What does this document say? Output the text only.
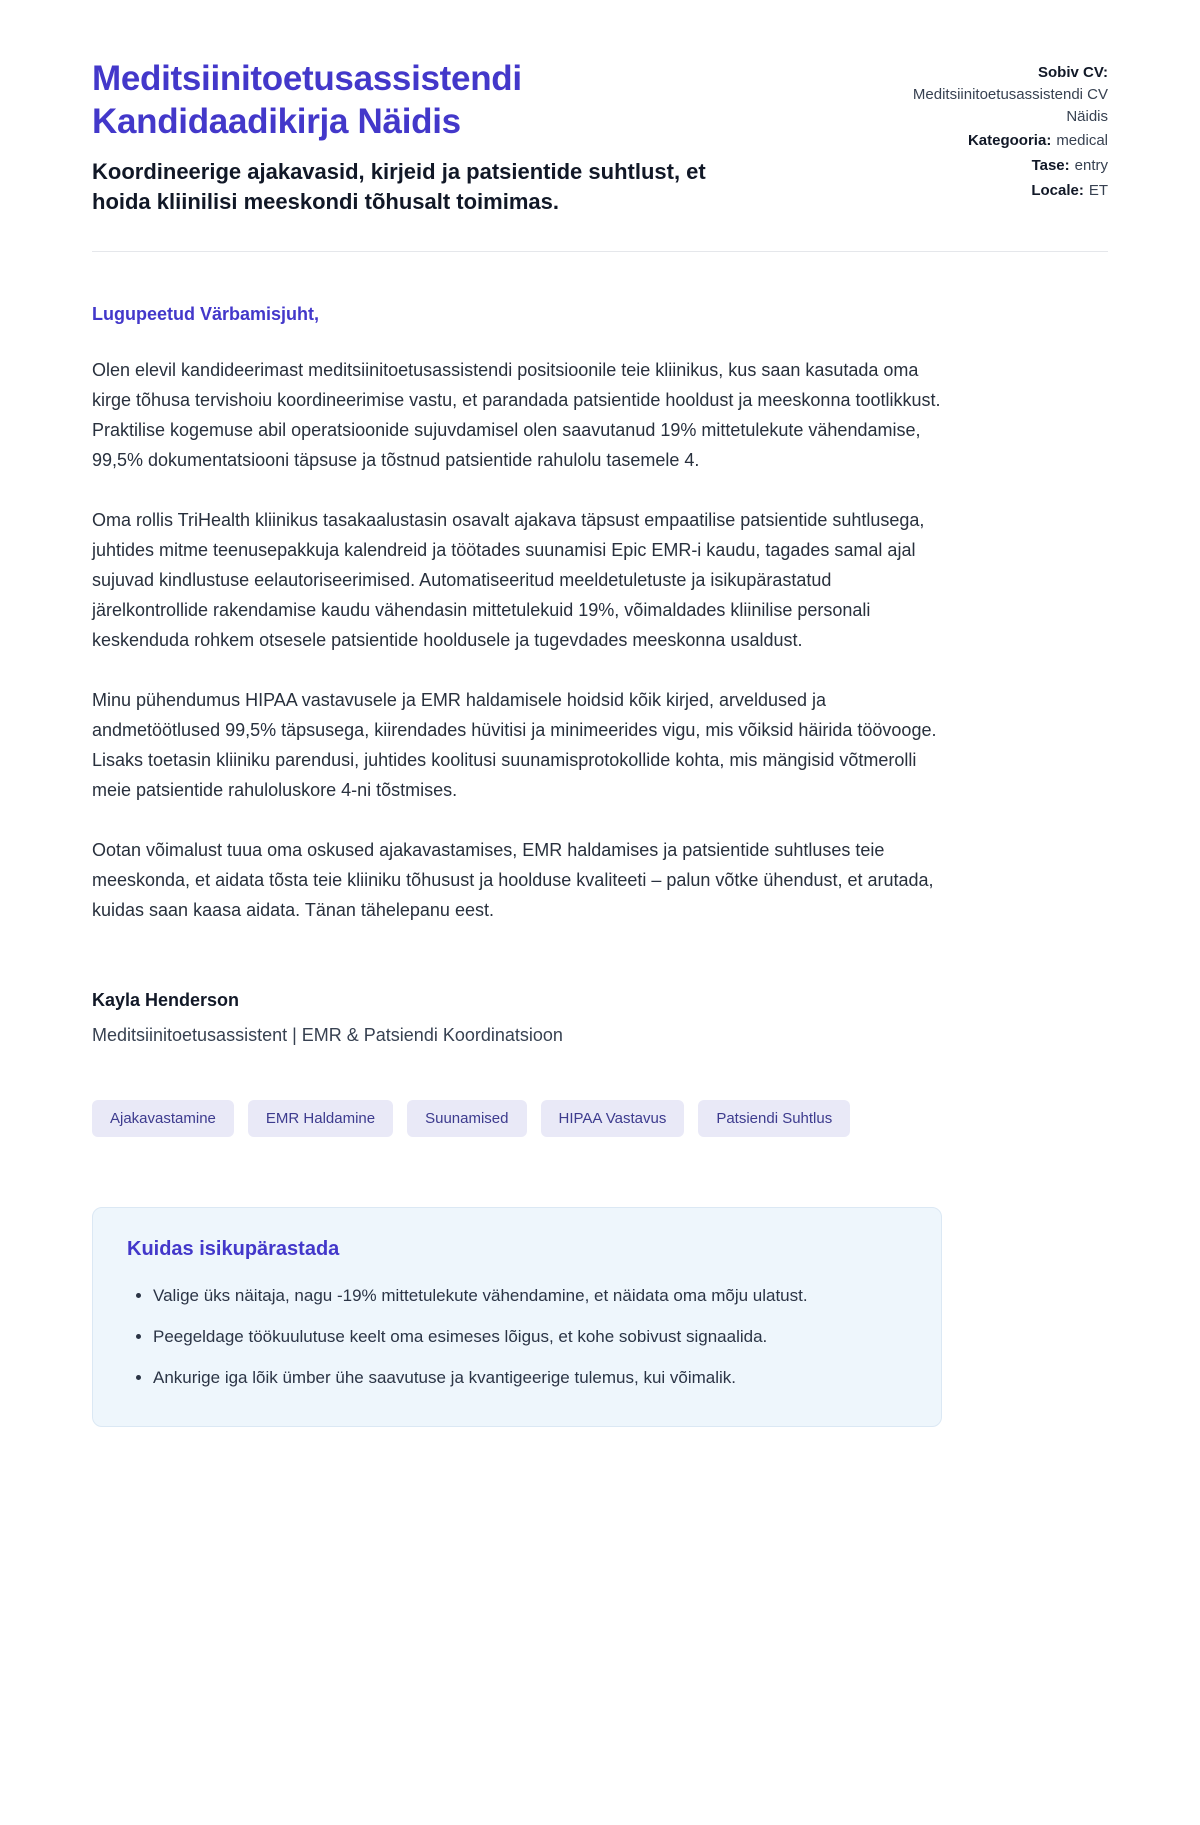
Meditsiinitoetusassistendi Kandidaadikirja Näidis
Koordineerige ajakavasid, kirjeid ja patsientide suhtlust, et hoida kliinilisi meeskondi tõhusalt toimimas.
Sobiv CV:
Meditsiinitoetusassistendi CV Näidis
Kategooria: medical
Tase: entry
Locale: ET
Lugupeetud Värbamisjuht,

Olen elevil kandideerimast meditsiinitoetusassistendi positsioonile teie kliinikus, kus saan kasutada oma kirge tõhusa tervishoiu koordineerimise vastu, et parandada patsientide hooldust ja meeskonna tootlikkust. Praktilise kogemuse abil operatsioonide sujuvdamisel olen saavutanud 19% mittetulekute vähendamise, 99,5% dokumentatsiooni täpsuse ja tõstnud patsientide rahulolu tasemele 4.

Oma rollis TriHealth kliinikus tasakaalustasin osavalt ajakava täpsust empaatilise patsientide suhtlusega, juhtides mitme teenusepakkuja kalendreid ja töötades suunamisi Epic EMR-i kaudu, tagades samal ajal sujuvad kindlustuse eelautoriseerimised. Automatiseeritud meeldetuletuste ja isikupärastatud järelkontrollide rakendamise kaudu vähendasin mittetulekuid 19%, võimaldades kliinilise personali keskenduda rohkem otsesele patsientide hooldusele ja tugevdades meeskonna usaldust.

Minu pühendumus HIPAA vastavusele ja EMR haldamisele hoidsid kõik kirjed, arveldused ja andmetöötlused 99,5% täpsusega, kiirendades hüvitisi ja minimeerides vigu, mis võiksid häirida töövooge. Lisaks toetasin kliiniku parendusi, juhtides koolitusi suunamisprotokollide kohta, mis mängisid võtmerolli meie patsientide rahuloluskore 4-ni tõstmises.

Ootan võimalust tuua oma oskused ajakavastamises, EMR haldamises ja patsientide suhtluses teie meeskonda, et aidata tõsta teie kliiniku tõhusust ja hoolduse kvaliteeti – palun võtke ühendust, et arutada, kuidas saan kaasa aidata. Tänan tähelepanu eest.

Kayla Henderson
Meditsiinitoetusassistent | EMR & Patsiendi Koordinatsioon
Ajakavastamine	EMR Haldamine	Suunamised	HIPAA Vastavus	Patsiendi Suhtlus
Kuidas isikupärastada
• Valige üks näitaja, nagu -19% mittetulekute vähendamine, et näidata oma mõju ulatust.
• Peegeldage töökuulutuse keelt oma esimeses lõigus, et kohe sobivust signaalida.
• Ankurige iga lõik ümber ühe saavutuse ja kvantigeerige tulemus, kui võimalik.
